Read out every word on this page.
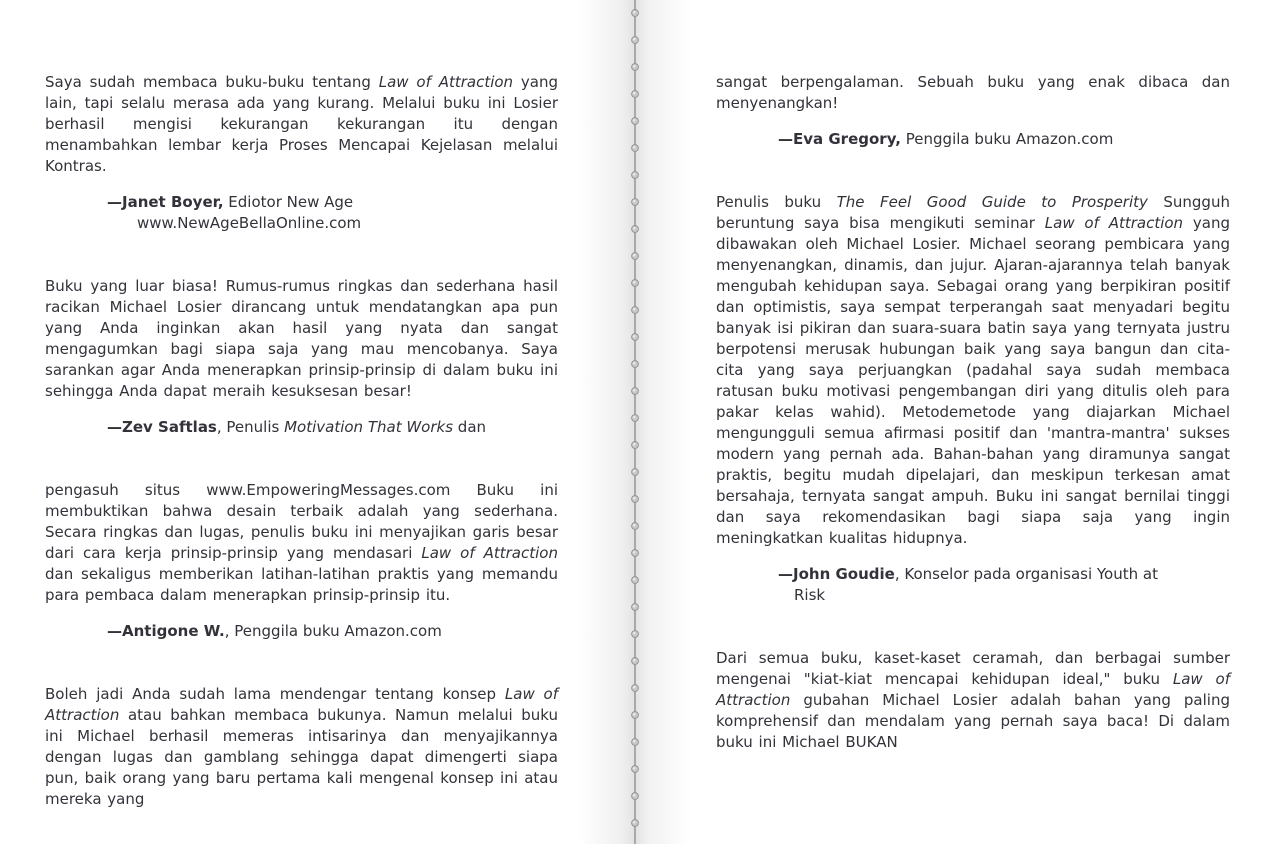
Saya sudah membaca buku-buku tentang Law of Attraction yang lain, tapi selalu merasa ada yang kurang. Melalui buku ini Losier berhasil mengisi kekurangan kekurangan itu dengan menambahkan lembar kerja Proses Mencapai Kejelasan melalui Kontras.

—Janet Boyer, Ediotor New Age
www.NewAgeBellaOnline.com

Buku yang luar biasa! Rumus-rumus ringkas dan sederhana hasil racikan Michael Losier dirancang untuk mendatangkan apa pun yang Anda inginkan akan hasil yang nyata dan sangat mengagumkan bagi siapa saja yang mau mencobanya. Saya sarankan agar Anda menerapkan prinsip-prinsip di dalam buku ini sehingga Anda dapat meraih kesuksesan besar!

—Zev Saftlas, Penulis Motivation That Works dan

pengasuh situs www.EmpoweringMessages.com Buku ini membuktikan bahwa desain terbaik adalah yang sederhana. Secara ringkas dan lugas, penulis buku ini menyajikan garis besar dari cara kerja prinsip-prinsip yang mendasari Law of Attraction dan sekaligus memberikan latihan-latihan praktis yang memandu para pembaca dalam menerapkan prinsip-prinsip itu.

—Antigone W., Penggila buku Amazon.com

Boleh jadi Anda sudah lama mendengar tentang konsep Law of Attraction atau bahkan membaca bukunya. Namun melalui buku ini Michael berhasil memeras intisarinya dan menyajikannya dengan lugas dan gamblang sehingga dapat dimengerti siapa pun, baik orang yang baru pertama kali mengenal konsep ini atau mereka yang

sangat berpengalaman. Sebuah buku yang enak dibaca dan menyenangkan!

—Eva Gregory, Penggila buku Amazon.com

Penulis buku The Feel Good Guide to Prosperity Sungguh beruntung saya bisa mengikuti seminar Law of Attraction yang dibawakan oleh Michael Losier. Michael seorang pembicara yang menyenangkan, dinamis, dan jujur. Ajaran-ajarannya telah banyak mengubah kehidupan saya. Sebagai orang yang berpikiran positif dan optimistis, saya sempat terperangah saat menyadari begitu banyak isi pikiran dan suara-suara batin saya yang ternyata justru berpotensi merusak hubungan baik yang saya bangun dan cita-cita yang saya perjuangkan (padahal saya sudah membaca ratusan buku motivasi pengembangan diri yang ditulis oleh para pakar kelas wahid). Metodemetode yang diajarkan Michael mengungguli semua afirmasi positif dan 'mantra-mantra' sukses modern yang pernah ada. Bahan-bahan yang diramunya sangat praktis, begitu mudah dipelajari, dan meskipun terkesan amat bersahaja, ternyata sangat ampuh. Buku ini sangat bernilai tinggi dan saya rekomendasikan bagi siapa saja yang ingin meningkatkan kualitas hidupnya.

—John Goudie, Konselor pada organisasi Youth at
Risk

Dari semua buku, kaset-kaset ceramah, dan berbagai sumber mengenai "kiat-kiat mencapai kehidupan ideal," buku Law of Attraction gubahan Michael Losier adalah bahan yang paling komprehensif dan mendalam yang pernah saya baca! Di dalam buku ini Michael BUKAN
